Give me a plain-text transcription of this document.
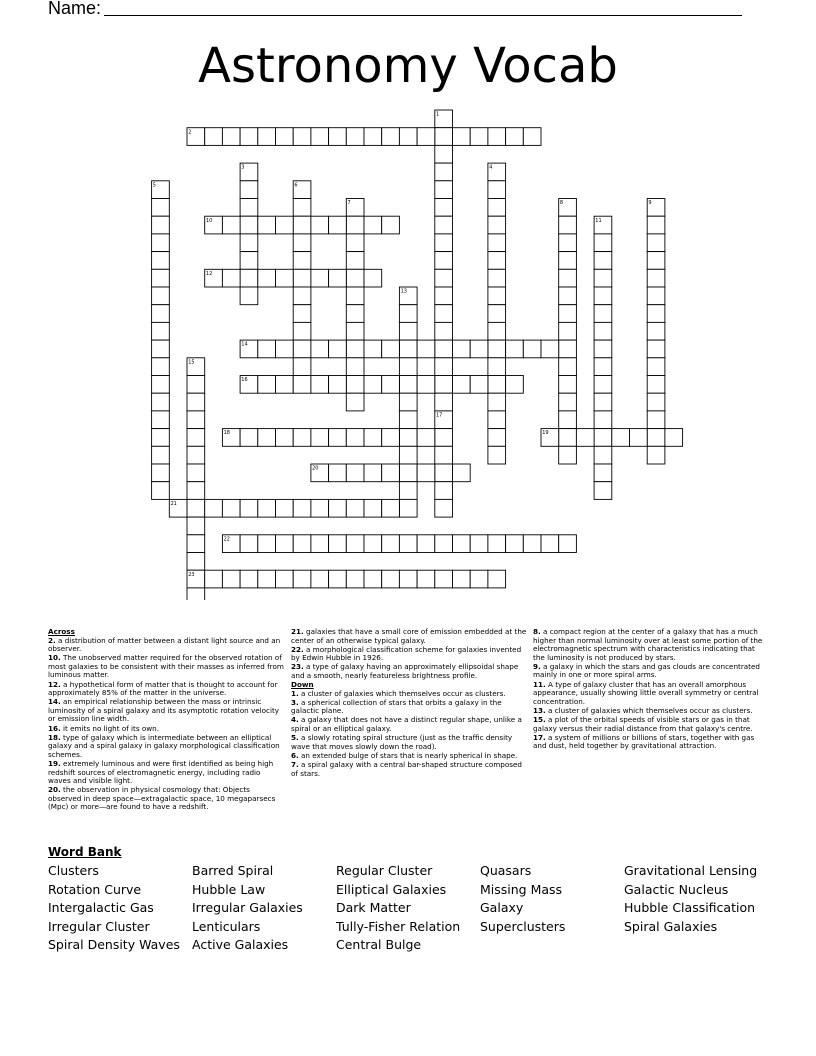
Name:
Astronomy Vocab
1
2
3	4
5	6
7	8	9
10	11
12
13
14
15
16
17
18	19
20
21
22
23
Across
2. a distribution of matter between a distant light source and an observer.
10. The unobserved matter required for the observed rotation of most galaxies to be consistent with their masses as inferred from luminous matter.
12. a hypothetical form of matter that is thought to account for approximately 85% of the matter in the universe.
14. an empirical relationship between the mass or intrinsic luminosity of a spiral galaxy and its asymptotic rotation velocity or emission line width.
16. it emits no light of its own.
18. type of galaxy which is intermediate between an elliptical galaxy and a spiral galaxy in galaxy morphological classification schemes.
19. extremely luminous and were first identified as being high redshift sources of electromagnetic energy, including radio waves and visible light.
20. the observation in physical cosmology that: Objects observed in deep space—extragalactic space, 10 megaparsecs (Mpc) or more—are found to have a redshift.
21. galaxies that have a small core of emission embedded at the center of an otherwise typical galaxy.
22. a morphological classification scheme for galaxies invented by Edwin Hubble in 1926.
23. a type of galaxy having an approximately ellipsoidal shape and a smooth, nearly featureless brightness profile.
Down
1. a cluster of galaxies which themselves occur as clusters.
3. a spherical collection of stars that orbits a galaxy in the galactic plane.
4. a galaxy that does not have a distinct regular shape, unlike a spiral or an elliptical galaxy.
5. a slowly rotating spiral structure (just as the traffic density wave that moves slowly down the road).
6. an extended bulge of stars that is nearly spherical in shape.
7. a spiral galaxy with a central bar-shaped structure composed of stars.
8. a compact region at the center of a galaxy that has a much higher than normal luminosity over at least some portion of the electromagnetic spectrum with characteristics indicating that the luminosity is not produced by stars.
9. a galaxy in which the stars and gas clouds are concentrated mainly in one or more spiral arms.
11. A type of galaxy cluster that has an overall amorphous appearance, usually showing little overall symmetry or central concentration.
13. a cluster of galaxies which themselves occur as clusters.
15. a plot of the orbital speeds of visible stars or gas in that galaxy versus their radial distance from that galaxy's centre.
17. a system of millions or billions of stars, together with gas and dust, held together by gravitational attraction.
Word Bank
Clusters
Rotation Curve
Intergalactic Gas
Irregular Cluster
Spiral Density Waves
Barred Spiral
Hubble Law
Irregular Galaxies
Lenticulars
Active Galaxies
Regular Cluster
Elliptical Galaxies
Dark Matter
Tully-Fisher Relation
Central Bulge
Quasars
Missing Mass
Galaxy
Superclusters
Gravitational Lensing
Galactic Nucleus
Hubble Classification
Spiral Galaxies
